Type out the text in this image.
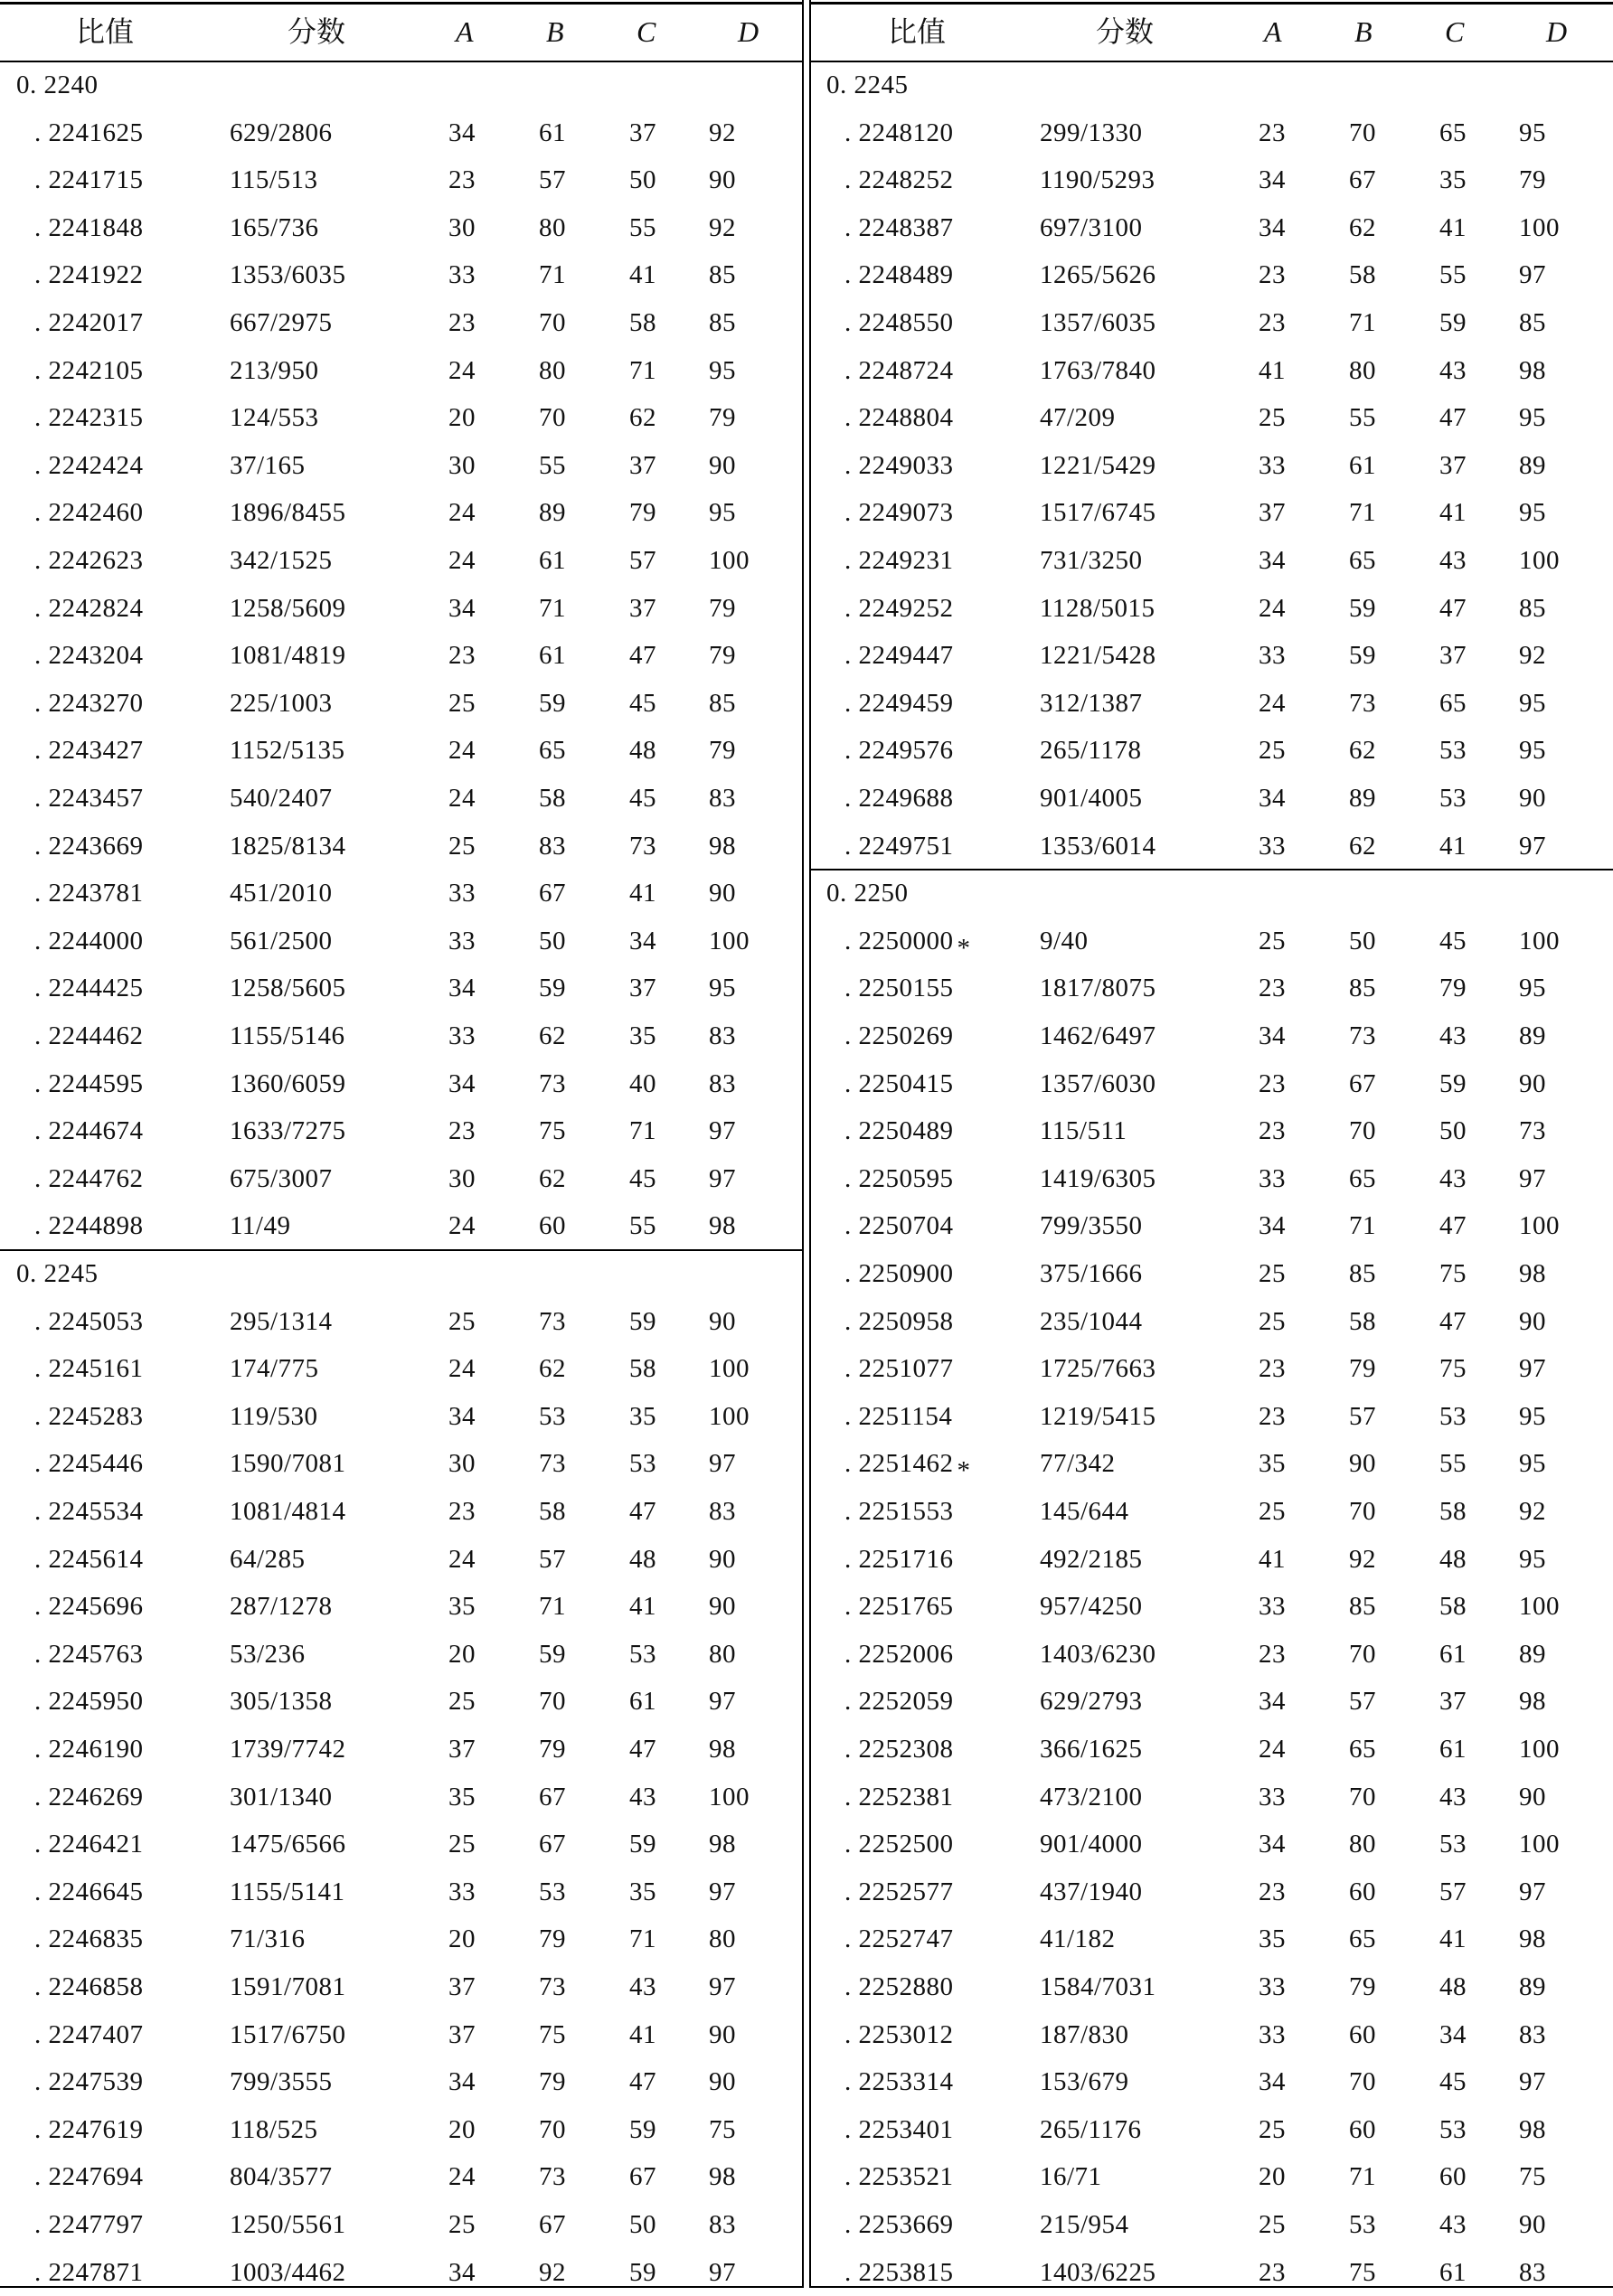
比值	分数	A	B	C	D
0. 2240
. 2241625	629/2806	34 61 37 92
. 2241715	115/513	23 57 50 90
. 2241848	165/736	30 80 55 92
. 2241922	1353/6035	33 71 41 85
. 2242017	667/2975	23 70 58 85
. 2242105	213/950	24 80 71 95
. 2242315	124/553	20 70 62 79
. 2242424	37/165	30 55 37 90
. 2242460	1896/8455	24 89 79 95
. 2242623	342/1525	24 61 57 100
. 2242824	1258/5609	34 71 37 79
. 2243204	1081/4819	23 61 47 79
. 2243270	225/1003	25 59 45 85
. 2243427	1152/5135	24 65 48 79
. 2243457	540/2407	24 58 45 83
. 2243669	1825/8134	25 83 73 98
. 2243781	451/2010	33 67 41 90
. 2244000	561/2500	33 50 34 100
. 2244425	1258/5605	34 59 37 95
. 2244462	1155/5146	33 62 35 83
. 2244595	1360/6059	34 73 40 83
. 2244674	1633/7275	23 75 71 97
. 2244762	675/3007	30 62 45 97
. 2244898	11/49	24 60 55 98
0. 2245
. 2245053	295/1314	25 73 59 90
. 2245161	174/775	24 62 58 100
. 2245283	119/530	34 53 35 100
. 2245446	1590/7081	30 73 53 97
. 2245534	1081/4814	23 58 47 83
. 2245614	64/285	24 57 48 90
. 2245696	287/1278	35 71 41 90
. 2245763	53/236	20 59 53 80
. 2245950	305/1358	25 70 61 97
. 2246190	1739/7742	37 79 47 98
. 2246269	301/1340	35 67 43 100
. 2246421	1475/6566	25 67 59 98
. 2246645	1155/5141	33 53 35 97
. 2246835	71/316	20 79 71 80
. 2246858	1591/7081	37 73 43 97
. 2247407	1517/6750	37 75 41 90
. 2247539	799/3555	34 79 47 90
. 2247619	118/525	20 70 59 75
. 2247694	804/3577	24 73 67 98
. 2247797	1250/5561	25 67 50 83
. 2247871	1003/4462	34 92 59 97
比值	分数	A	B	C	D
0. 2245
. 2248120	299/1330	23 70 65 95
. 2248252	1190/5293	34 67 35 79
. 2248387	697/3100	34 62 41 100
. 2248489	1265/5626	23 58 55 97
. 2248550	1357/6035	23 71 59 85
. 2248724	1763/7840	41 80 43 98
. 2248804	47/209	25 55 47 95
. 2249033	1221/5429	33 61 37 89
. 2249073	1517/6745	37 71 41 95
. 2249231	731/3250	34 65 43 100
. 2249252	1128/5015	24 59 47 85
. 2249447	1221/5428	33 59 37 92
. 2249459	312/1387	24 73 65 95
. 2249576	265/1178	25 62 53 95
. 2249688	901/4005	34 89 53 90
. 2249751	1353/6014	33 62 41 97
0. 2250
. 2250000 *	9/40	25 50 45 100
. 2250155	1817/8075	23 85 79 95
. 2250269	1462/6497	34 73 43 89
. 2250415	1357/6030	23 67 59 90
. 2250489	115/511	23 70 50 73
. 2250595	1419/6305	33 65 43 97
. 2250704	799/3550	34 71 47 100
. 2250900	375/1666	25 85 75 98
. 2250958	235/1044	25 58 47 90
. 2251077	1725/7663	23 79 75 97
. 2251154	1219/5415	23 57 53 95
. 2251462 *	77/342	35 90 55 95
. 2251553	145/644	25 70 58 92
. 2251716	492/2185	41 92 48 95
. 2251765	957/4250	33 85 58 100
. 2252006	1403/6230	23 70 61 89
. 2252059	629/2793	34 57 37 98
. 2252308	366/1625	24 65 61 100
. 2252381	473/2100	33 70 43 90
. 2252500	901/4000	34 80 53 100
. 2252577	437/1940	23 60 57 97
. 2252747	41/182	35 65 41 98
. 2252880	1584/7031	33 79 48 89
. 2253012	187/830	33 60 34 83
. 2253314	153/679	34 70 45 97
. 2253401	265/1176	25 60 53 98
. 2253521	16/71	20 71 60 75
. 2253669	215/954	25 53 43 90
. 2253815	1403/6225	23 75 61 83
